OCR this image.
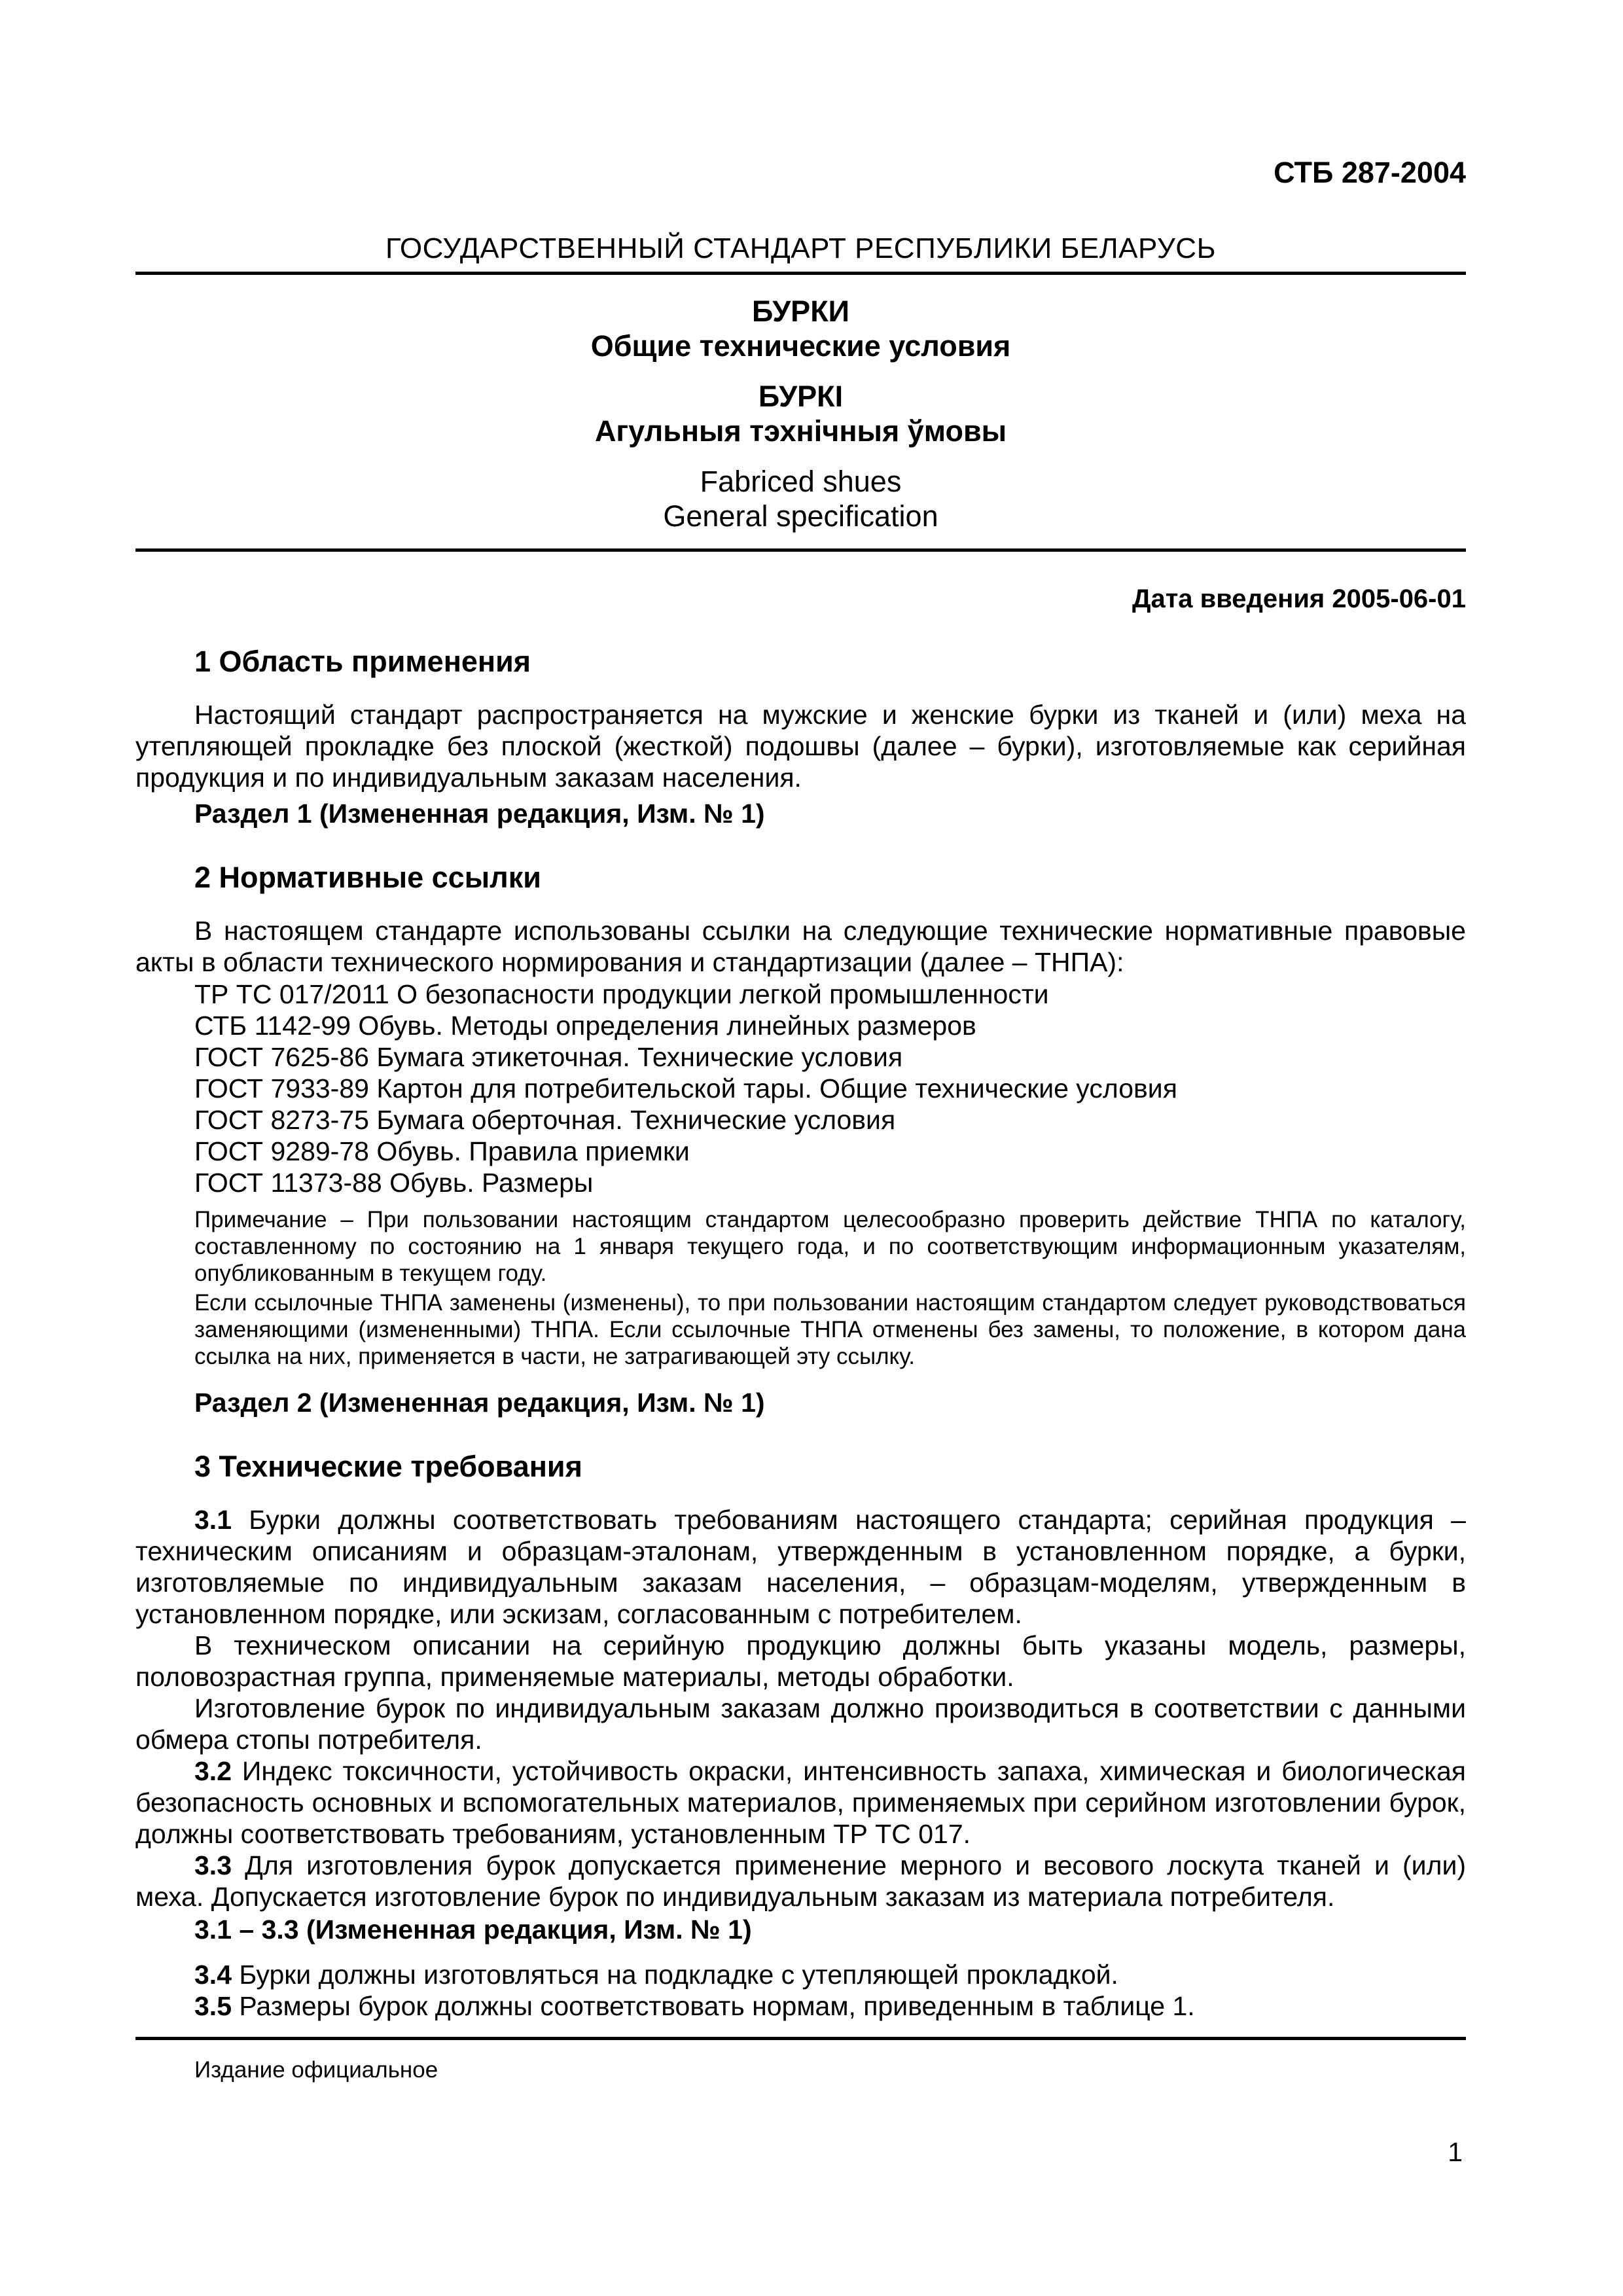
СТБ 287-2004
ГОСУДАРСТВЕННЫЙ СТАНДАРТ РЕСПУБЛИКИ БЕЛАРУСЬ
БУРКИ
Общие технические условия
БУРКІ
Агульныя тэхнічныя ўмовы
Fabriced shues
General specification
Дата введения 2005-06-01
1 Область применения

Настоящий стандарт распространяется на мужские и женские бурки из тканей и (или) меха на утепляющей прокладке без плоской (жесткой) подошвы (далее – бурки), изготовляемые как серийная продукция и по индивидуальным заказам населения.

Раздел 1 (Измененная редакция, Изм. № 1)
2 Нормативные ссылки

В настоящем стандарте использованы ссылки на следующие технические нормативные правовые акты в области технического нормирования и стандартизации (далее – ТНПА):

ТР ТС 017/2011 О безопасности продукции легкой промышленности
СТБ 1142-99 Обувь. Методы определения линейных размеров
ГОСТ 7625-86 Бумага этикеточная. Технические условия
ГОСТ 7933-89 Картон для потребительской тары. Общие технические условия
ГОСТ 8273-75 Бумага оберточная. Технические условия
ГОСТ 9289-78 Обувь. Правила приемки
ГОСТ 11373-88 Обувь. Размеры

Примечание – При пользовании настоящим стандартом целесообразно проверить действие ТНПА по каталогу, составленному по состоянию на 1 января текущего года, и по соответствующим информационным указателям, опубликованным в текущем году.

Если ссылочные ТНПА заменены (изменены), то при пользовании настоящим стандартом следует руководствоваться заменяющими (измененными) ТНПА. Если ссылочные ТНПА отменены без замены, то положение, в котором дана ссылка на них, применяется в части, не затрагивающей эту ссылку.

Раздел 2 (Измененная редакция, Изм. № 1)
3 Технические требования

3.1 Бурки должны соответствовать требованиям настоящего стандарта; серийная продукция – техническим описаниям и образцам-эталонам, утвержденным в установленном порядке, а бурки, изготовляемые по индивидуальным заказам населения, – образцам-моделям, утвержденным в установленном порядке, или эскизам, согласованным с потребителем.

В техническом описании на серийную продукцию должны быть указаны модель, размеры, половозрастная группа, применяемые материалы, методы обработки.

Изготовление бурок по индивидуальным заказам должно производиться в соответствии с данными обмера стопы потребителя.

3.2 Индекс токсичности, устойчивость окраски, интенсивность запаха, химическая и биологическая безопасность основных и вспомогательных материалов, применяемых при серийном изготовлении бурок, должны соответствовать требованиям, установленным ТР ТС 017.

3.3 Для изготовления бурок допускается применение мерного и весового лоскута тканей и (или) меха. Допускается изготовление бурок по индивидуальным заказам из материала потребителя.

3.1 – 3.3 (Измененная редакция, Изм. № 1)

3.4 Бурки должны изготовляться на подкладке с утепляющей прокладкой.

3.5 Размеры бурок должны соответствовать нормам, приведенным в таблице 1.

Издание официальное
1
